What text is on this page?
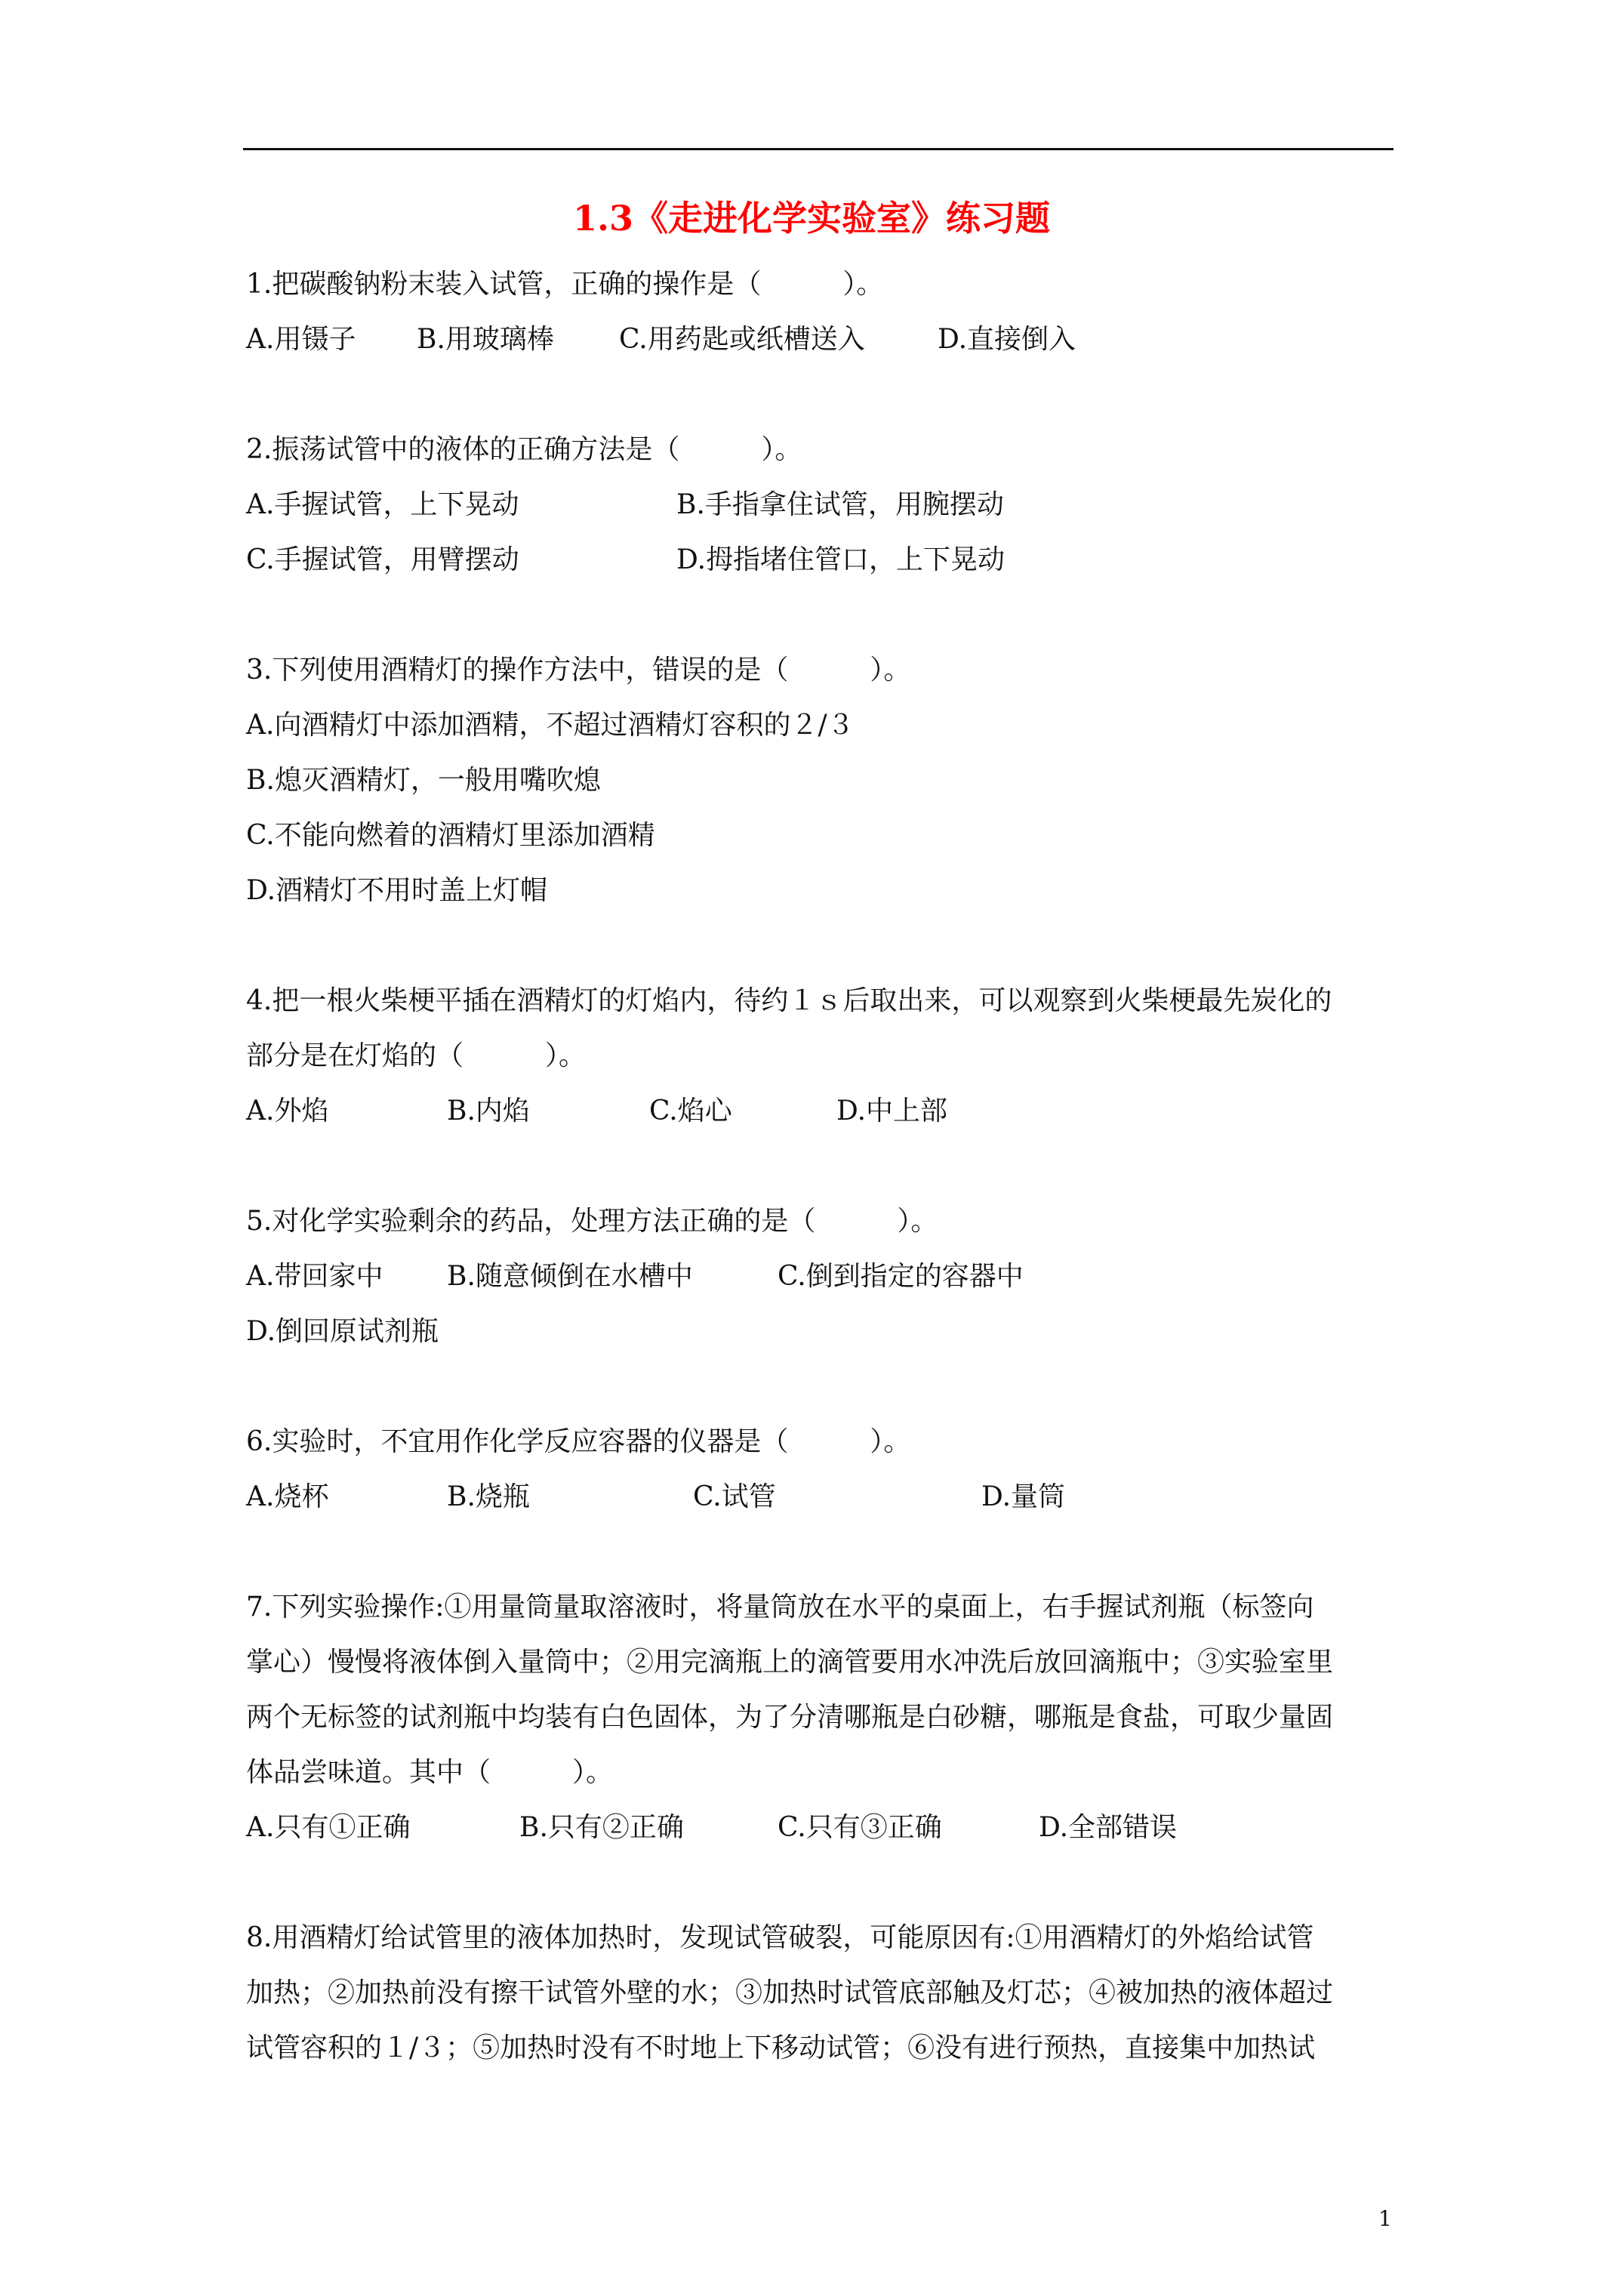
1.3《走进化学实验室》练习题
1.把碳酸钠粉末装入试管，正确的操作是（　　　）。
A.用镊子 B.用玻璃棒 C.用药匙或纸槽送入	D.直接倒入
2.振荡试管中的液体的正确方法是（　　　）。
A.手握试管，上下晃动	B.手指拿住试管，用腕摆动
C.手握试管，用臂摆动	D.拇指堵住管口，上下晃动
3.下列使用酒精灯的操作方法中，错误的是（　　　）。
A.向酒精灯中添加酒精，不超过酒精灯容积的２/３
B.熄灭酒精灯，一般用嘴吹熄
C.不能向燃着的酒精灯里添加酒精
D.酒精灯不用时盖上灯帽
4.把一根火柴梗平插在酒精灯的灯焰内，待约１ｓ后取出来，可以观察到火柴梗最先炭化的
部分是在灯焰的（　　　）。
A.外焰	B.内焰	C.焰心	D.中上部
5.对化学实验剩余的药品，处理方法正确的是（　　　）。
A.带回家中 B.随意倾倒在水槽中	C.倒到指定的容器中
D.倒回原试剂瓶
6.实验时，不宜用作化学反应容器的仪器是（　　　）。
A.烧杯	B.烧瓶	C.试管	D.量筒
7.下列实验操作:①用量筒量取溶液时，将量筒放在水平的桌面上，右手握试剂瓶（标签向
掌心）慢慢将液体倒入量筒中；②用完滴瓶上的滴管要用水冲洗后放回滴瓶中；③实验室里
两个无标签的试剂瓶中均装有白色固体，为了分清哪瓶是白砂糖，哪瓶是食盐，可取少量固
体品尝味道。其中（　　　）。
A.只有①正确	B.只有②正确	C.只有③正确	D.全部错误
8.用酒精灯给试管里的液体加热时，发现试管破裂，可能原因有:①用酒精灯的外焰给试管
加热；②加热前没有擦干试管外壁的水；③加热时试管底部触及灯芯；④被加热的液体超过
试管容积的１/３；⑤加热时没有不时地上下移动试管；⑥没有进行预热，直接集中加热试
1
